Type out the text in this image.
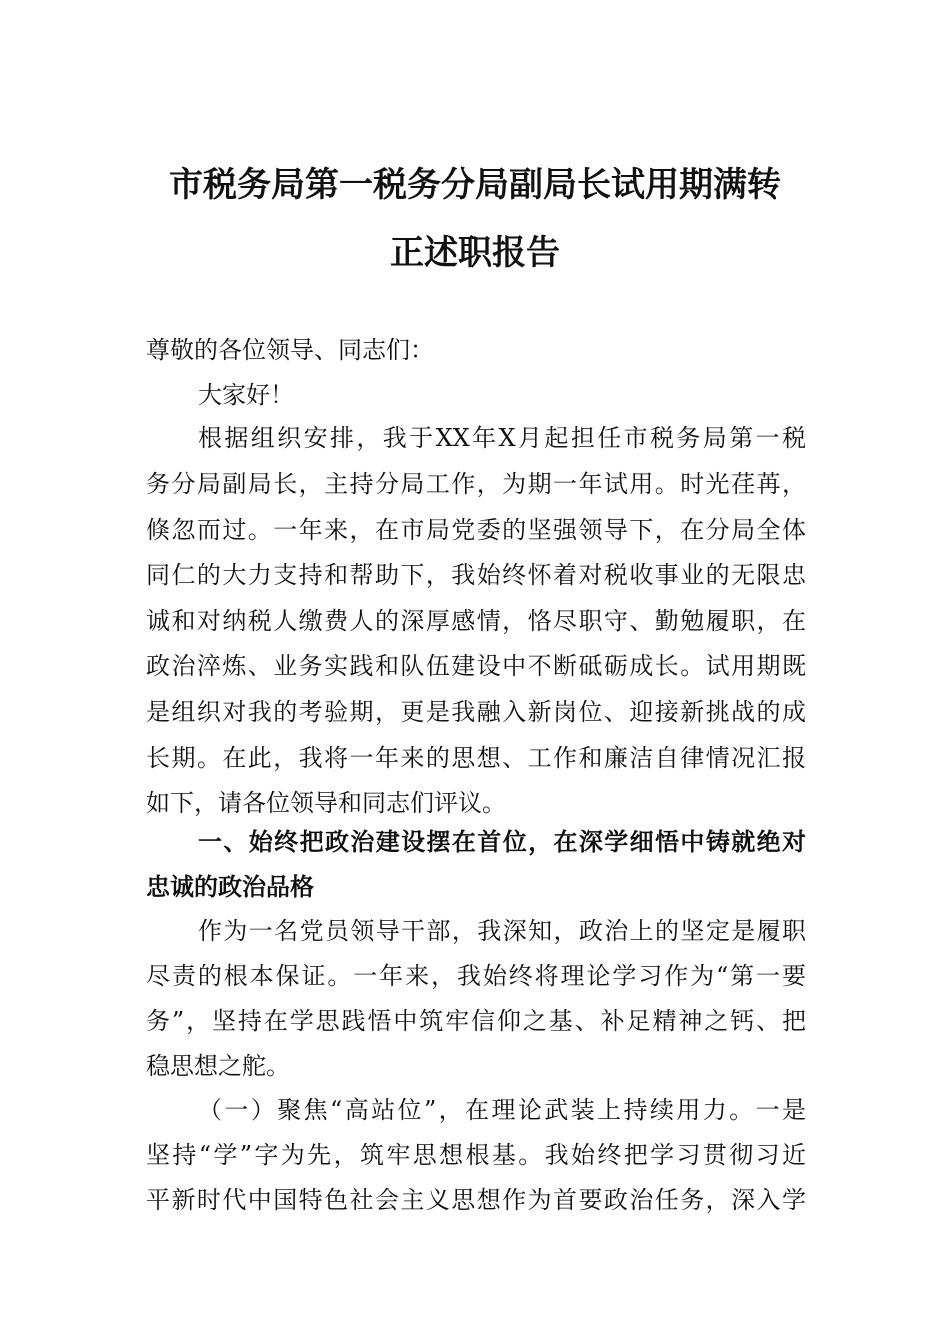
市税务局第一税务分局副局长试用期满转
正述职报告
尊敬的各位领导、同志们：
大家好！
根据组织安排，我于XX年X月起担任市税务局第一税
务分局副局长，主持分局工作，为期一年试用。时光荏苒，
倏忽而过。一年来，在市局党委的坚强领导下，在分局全体
同仁的大力支持和帮助下，我始终怀着对税收事业的无限忠
诚和对纳税人缴费人的深厚感情，恪尽职守、勤勉履职，在
政治淬炼、业务实践和队伍建设中不断砥砺成长。试用期既
是组织对我的考验期，更是我融入新岗位、迎接新挑战的成
长期。在此，我将一年来的思想、工作和廉洁自律情况汇报
如下，请各位领导和同志们评议。
一、始终把政治建设摆在首位，在深学细悟中铸就绝对
忠诚的政治品格
作为一名党员领导干部，我深知，政治上的坚定是履职
尽责的根本保证。一年来，我始终将理论学习作为“第一要
务”，坚持在学思践悟中筑牢信仰之基、补足精神之钙、把
稳思想之舵。
（一）聚焦“高站位”，在理论武装上持续用力。一是
坚持“学”字为先，筑牢思想根基。我始终把学习贯彻习近
平新时代中国特色社会主义思想作为首要政治任务，深入学
